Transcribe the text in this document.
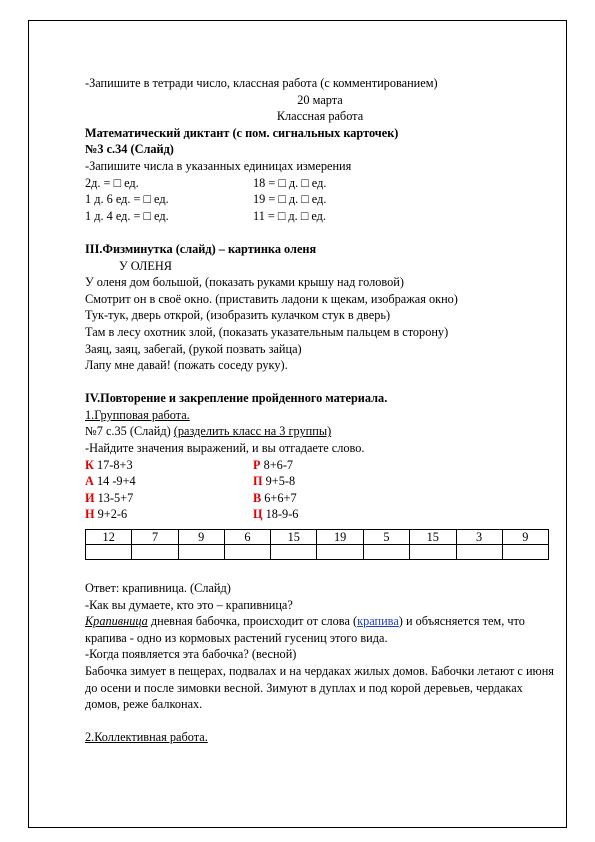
-Запишите в тетради число, классная работа (с комментированием)
20 марта
Классная работа
Математический диктант (с пом. сигнальных карточек)
№3 с.34 (Слайд)
-Запишите числа в указанных единицах измерения
2д. = □ ед.	18 = □ д. □ ед.
1 д. 6 ед. = □ ед.	19 = □ д. □ ед.
1 д. 4 ед. = □ ед.	11 = □ д. □ ед.
III.Физминутка (слайд) – картинка оленя
У ОЛЕНЯ
У оленя дом большой, (показать руками крышу над головой)
Смотрит он в своё окно. (приставить ладони к щекам, изображая окно)
Тук-тук, дверь открой, (изобразить кулачком стук в дверь)
Там в лесу охотник злой, (показать указательным пальцем в сторону)
Заяц, заяц, забегай, (рукой позвать зайца)
Лапу мне давай! (пожать соседу руку).
IV.Повторение и закрепление пройденного материала.
1.Групповая работа.
№7 с.35 (Слайд) (разделить класс на 3 группы)
-Найдите значения выражений, и вы отгадаете слово.
К 17-8+3	Р 8+6-7
А 14 -9+4	П 9+5-8
И 13-5+7	В 6+6+7
Н 9+2-6	Ц 18-9-6
12	7	9	6	15	19	5	15	3	9

Ответ: крапивница. (Слайд)
-Как вы думаете, кто это – крапивница?
Крапивница дневная бабочка, происходит от слова (крапива) и объясняется тем, что крапива - одно из кормовых растений гусениц этого вида.
-Когда появляется эта бабочка? (весной)
Бабочка зимует в пещерах, подвалах и на чердаках жилых домов. Бабочки летают с июня до осени и после зимовки весной. Зимуют в дуплах и под корой деревьев, чердаках домов, реже балконах.
2.Коллективная работа.
